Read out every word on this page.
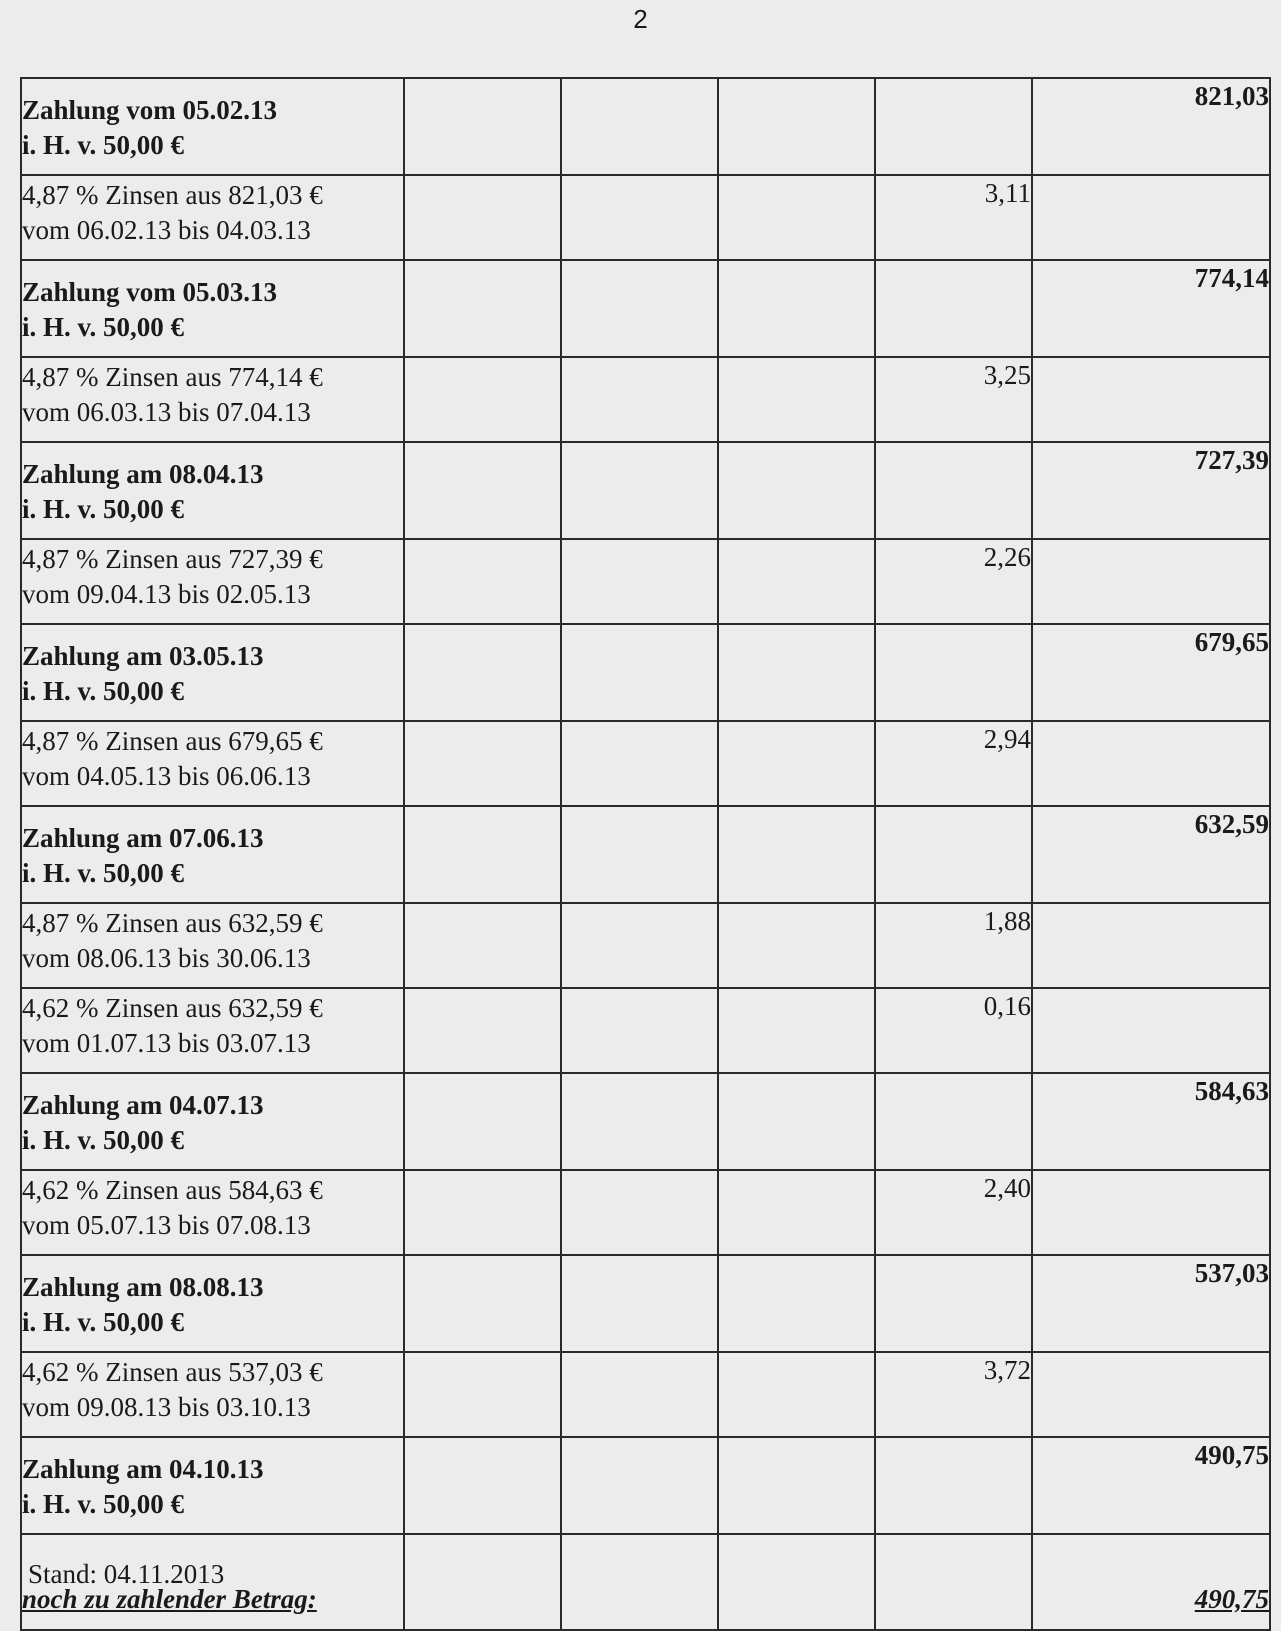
2
Zahlung vom 05.02.13
i. H. v. 50,00 €					821,03

4,87 % Zinsen aus 821,03 €
vom 06.02.13 bis 04.03.13				3,11	

Zahlung vom 05.03.13
i. H. v. 50,00 €					774,14

4,87 % Zinsen aus 774,14 €
vom 06.03.13 bis 07.04.13				3,25	

Zahlung am 08.04.13
i. H. v. 50,00 €					727,39

4,87 % Zinsen aus 727,39 €
vom 09.04.13 bis 02.05.13				2,26	

Zahlung am 03.05.13
i. H. v. 50,00 €					679,65

4,87 % Zinsen aus 679,65 €
vom 04.05.13 bis 06.06.13				2,94	

Zahlung am 07.06.13
i. H. v. 50,00 €					632,59

4,87 % Zinsen aus 632,59 €
vom 08.06.13 bis 30.06.13				1,88	

4,62 % Zinsen aus 632,59 €
vom 01.07.13 bis 03.07.13				0,16	

Zahlung am 04.07.13
i. H. v. 50,00 €					584,63

4,62 % Zinsen aus 584,63 €
vom 05.07.13 bis 07.08.13				2,40	

Zahlung am 08.08.13
i. H. v. 50,00 €					537,03

4,62 % Zinsen aus 537,03 €
vom 09.08.13 bis 03.10.13				3,72	

Zahlung am 04.10.13
i. H. v. 50,00 €					490,75
noch zu zahlender Betrag:					490,75
Stand: 04.11.2013
